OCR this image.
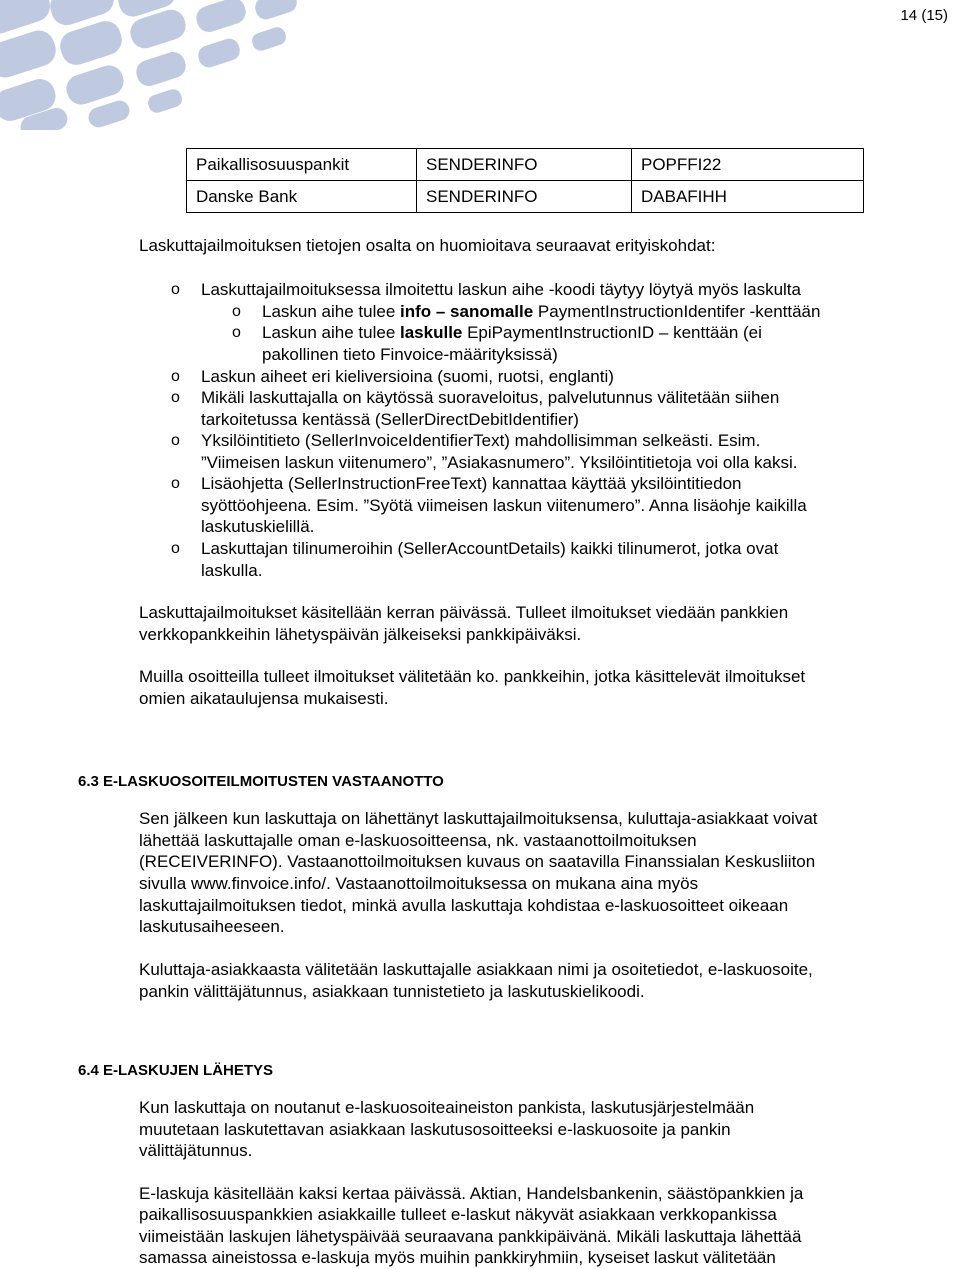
14 (15)
Paikallisosuuspankit	SENDERINFO	POPFFI22
Danske Bank	SENDERINFO	DABAFIHH
Laskuttajailmoituksen tietojen osalta on huomioitava seuraavat erityiskohdat:
o Laskuttajailmoituksessa ilmoitettu laskun aihe -koodi täytyy löytyä myös laskulta
o Laskun aihe tulee info – sanomalle PaymentInstructionIdentifer -kenttään
o Laskun aihe tulee laskulle EpiPaymentInstructionID – kenttään (ei
pakollinen tieto Finvoice-määrityksissä)
o Laskun aiheet eri kieliversioina (suomi, ruotsi, englanti)
o Mikäli laskuttajalla on käytössä suoraveloitus, palvelutunnus välitetään siihen
tarkoitetussa kentässä (SellerDirectDebitIdentifier)
o Yksilöintitieto (SellerInvoiceIdentifierText) mahdollisimman selkeästi. Esim.
”Viimeisen laskun viitenumero”, ”Asiakasnumero”. Yksilöintitietoja voi olla kaksi.
o Lisäohjetta (SellerInstructionFreeText) kannattaa käyttää yksilöintitiedon
syöttöohjeena. Esim. ”Syötä viimeisen laskun viitenumero”. Anna lisäohje kaikilla
laskutuskielillä.
o Laskuttajan tilinumeroihin (SellerAccountDetails) kaikki tilinumerot, jotka ovat
laskulla.
Laskuttajailmoitukset käsitellään kerran päivässä. Tulleet ilmoitukset viedään pankkien
verkkopankkeihin lähetyspäivän jälkeiseksi pankkipäiväksi.
Muilla osoitteilla tulleet ilmoitukset välitetään ko. pankkeihin, jotka käsittelevät ilmoitukset
omien aikataulujensa mukaisesti.
6.3 E-LASKUOSOITEILMOITUSTEN VASTAANOTTO
Sen jälkeen kun laskuttaja on lähettänyt laskuttajailmoituksensa, kuluttaja-asiakkaat voivat
lähettää laskuttajalle oman e-laskuosoitteensa, nk. vastaanottoilmoituksen
(RECEIVERINFO). Vastaanottoilmoituksen kuvaus on saatavilla Finanssialan Keskusliiton
sivulla www.finvoice.info/. Vastaanottoilmoituksessa on mukana aina myös
laskuttajailmoituksen tiedot, minkä avulla laskuttaja kohdistaa e-laskuosoitteet oikeaan
laskutusaiheeseen.
Kuluttaja-asiakkaasta välitetään laskuttajalle asiakkaan nimi ja osoitetiedot, e-laskuosoite,
pankin välittäjätunnus, asiakkaan tunnistetieto ja laskutuskielikoodi.
6.4 E-LASKUJEN LÄHETYS
Kun laskuttaja on noutanut e-laskuosoiteaineiston pankista, laskutusjärjestelmään
muutetaan laskutettavan asiakkaan laskutusosoitteeksi e-laskuosoite ja pankin
välittäjätunnus.
E-laskuja käsitellään kaksi kertaa päivässä. Aktian, Handelsbankenin, säästöpankkien ja
paikallisosuuspankkien asiakkaille tulleet e-laskut näkyvät asiakkaan verkkopankissa
viimeistään laskujen lähetyspäivää seuraavana pankkipäivänä. Mikäli laskuttaja lähettää
samassa aineistossa e-laskuja myös muihin pankkiryhmiin, kyseiset laskut välitetään
